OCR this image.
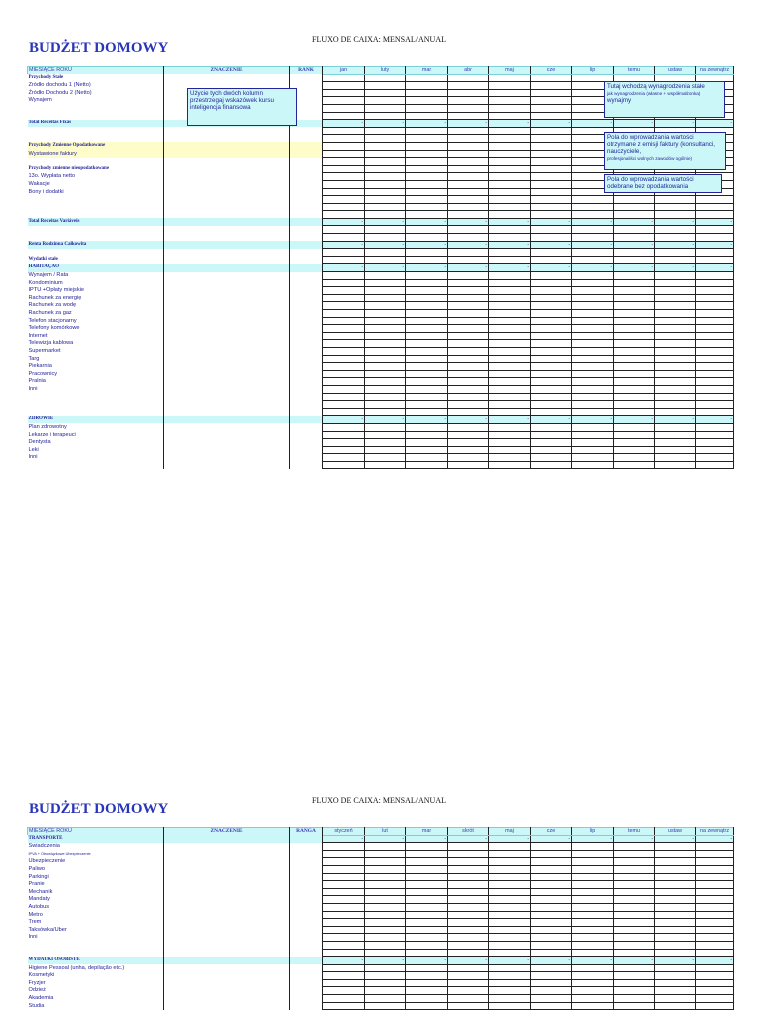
BUDŻET DOMOWY
FLUXO DE CAIXA: MENSAL/ANUAL
MIESIĄCE ROKU	ZNACZENIE	RANK	jan	luty	mar	abr	maj	cze	lip	temu	ustaw	na zewnątrz
Przychody Stałe												
Źródło dochodu 1 (Netto)												
Źródło Dochodu 2 (Netto)												
Wynajem												

Total Receitas Fixas			-	-	-	-	-	-	-	-	-	-

Przychody Zmienne Opodatkowane												
Wystawione faktury												

Przychody zmienne nieopodatkowane												
13o. Wypłata netto												
Wakacje												
Bony i dodatki												

Total Receitas Variáveis			-	-	-	-	-	-	-	-	-	-

Renta Rodzinna Całkowita			-	-	-	-	-	-	-	-	-	-

Wydatki stałe												
HABITAÇÃO			-	-	-	-	-	-	-	-	-	-
Wynajem / Rata												
Kondominium												
IPTU +Opłaty miejskie												
Rachunek za energię												
Rachunek za wodę												
Rachunek za gaz												
Telefon stacjonarny												
Telefony komórkowe												
Internet												
Telewizja kablowa												
Supermarket												
Targ												
Piekarnia												
Pracownicy												
Pralnia												
Inni												

ZDROWIE			-	-	-	-	-	-	-	-	-	-
Plan zdrowotny												
Lekarze i terapeuci												
Dentysta												
Leki												
Inni												

Użycie tych dwóch kolumn przestrzegaj wskazówek kursu inteligencja finansowa
Tutaj wchodzą wynagrodzenia stałe
jak wynagrodzenia (własne + współmałżonka)
wynajmy
Pola do wprowadzania wartości otrzymane z emisji faktury (konsultanci, nauczyciele,
profesjonaliści wolnych zawodów ogólnie)
Pola do wprowadzania wartości odebrane bez opodatkowania
BUDŻET DOMOWY
FLUXO DE CAIXA: MENSAL/ANUAL
MIESIĄCE ROKU	ZNACZENIE	RANGA	styczeń	lut	mar	skrót	maj	cze	lip	temu	ustaw	na zewnątrz
TRANSPORTE			-	-	-	-	-	-	-	-	-	-
Świadczenia												
IPVA + Obowiązkowe Ubezpieczenie												
Ubezpieczenie												
Paliwo												
Parkingi												
Pranie												
Mechanik												
Mandaty												
Autobus												
Metro												
Trem												
Taksówka/Uber												
Inni												

WYDATKI OSOBISTE			-	-	-	-	-	-	-	-	-	-
Higiene Pessoal (unha, depilação etc.)												
Kosmetyki												
Fryzjer												
Odzież												
Akademia												
Studia												
